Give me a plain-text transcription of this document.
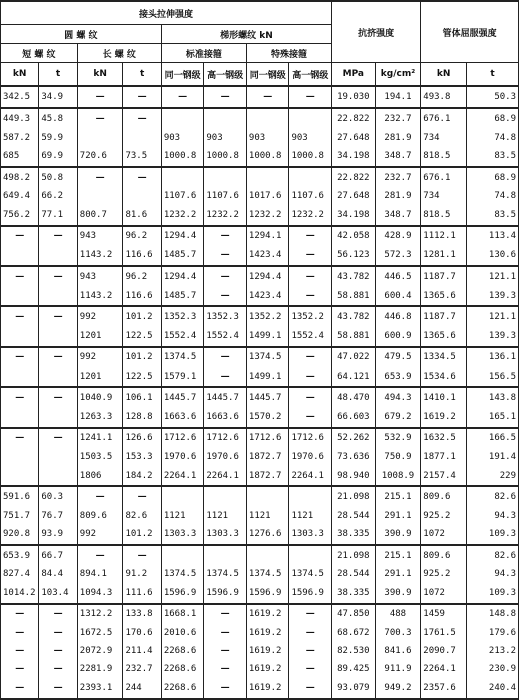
接头拉伸强度								抗挤强度		管体屈服强度	
圆 螺 纹				梯形螺纹 kN							
短 螺 纹		长 螺 纹		标准接箍		特殊接箍					
kN	t	kN	t	同一钢级	高一钢级	同一钢级	高一钢级	MPa	kg/cm²	kN	t
342.5	34.9	—	—	—	—	—	—	19.030	194.1	493.8	50.3
449.3	45.8	—	—					22.822	232.7	676.1	68.9
587.2	59.9			903	903	903	903	27.648	281.9	734	74.8
685	69.9	720.6	73.5	1000.8	1000.8	1000.8	1000.8	34.198	348.7	818.5	83.5
498.2	50.8	—	—					22.822	232.7	676.1	68.9
649.4	66.2			1107.6	1107.6	1017.6	1107.6	27.648	281.9	734	74.8
756.2	77.1	800.7	81.6	1232.2	1232.2	1232.2	1232.2	34.198	348.7	818.5	83.5
—	—	943	96.2	1294.4	—	1294.1	—	42.058	428.9	1112.1	113.4
		1143.2	116.6	1485.7	—	1423.4	—	56.123	572.3	1281.1	130.6
—	—	943	96.2	1294.4	—	1294.4	—	43.782	446.5	1187.7	121.1
		1143.2	116.6	1485.7	—	1423.4	—	58.881	600.4	1365.6	139.3
—	—	992	101.2	1352.3	1352.3	1352.2	1352.2	43.782	446.8	1187.7	121.1
		1201	122.5	1552.4	1552.4	1499.1	1552.4	58.881	600.9	1365.6	139.3
—	—	992	101.2	1374.5	—	1374.5	—	47.022	479.5	1334.5	136.1
		1201	122.5	1579.1	—	1499.1	—	64.121	653.9	1534.6	156.5
—	—	1040.9	106.1	1445.7	1445.7	1445.7	—	48.470	494.3	1410.1	143.8
		1263.3	128.8	1663.6	1663.6	1570.2	—	66.603	679.2	1619.2	165.1
—	—	1241.1	126.6	1712.6	1712.6	1712.6	1712.6	52.262	532.9	1632.5	166.5
		1503.5	153.3	1970.6	1970.6	1872.7	1970.6	73.636	750.9	1877.1	191.4
		1806	184.2	2264.1	2264.1	1872.7	2264.1	98.940	1008.9	2157.4	229
591.6	60.3	—	—					21.098	215.1	809.6	82.6
751.7	76.7	809.6	82.6	1121	1121	1121	1121	28.544	291.1	925.2	94.3
920.8	93.9	992	101.2	1303.3	1303.3	1276.6	1303.3	38.335	390.9	1072	109.3
653.9	66.7	—	—					21.098	215.1	809.6	82.6
827.4	84.4	894.1	91.2	1374.5	1374.5	1374.5	1374.5	28.544	291.1	925.2	94.3
1014.2	103.4	1094.3	111.6	1596.9	1596.9	1596.9	1596.9	38.335	390.9	1072	109.3
—	—	1312.2	133.8	1668.1	—	1619.2	—	47.850	488	1459	148.8
—	—	1672.5	170.6	2010.6	—	1619.2	—	68.672	700.3	1761.5	179.6
—	—	2072.9	211.4	2268.6	—	1619.2	—	82.530	841.6	2090.7	213.2
—	—	2281.9	232.7	2268.6	—	1619.2	—	89.425	911.9	2264.1	230.9
—	—	2393.1	244	2268.6	—	1619.2	—	93.079	949.2	2357.6	240.4
